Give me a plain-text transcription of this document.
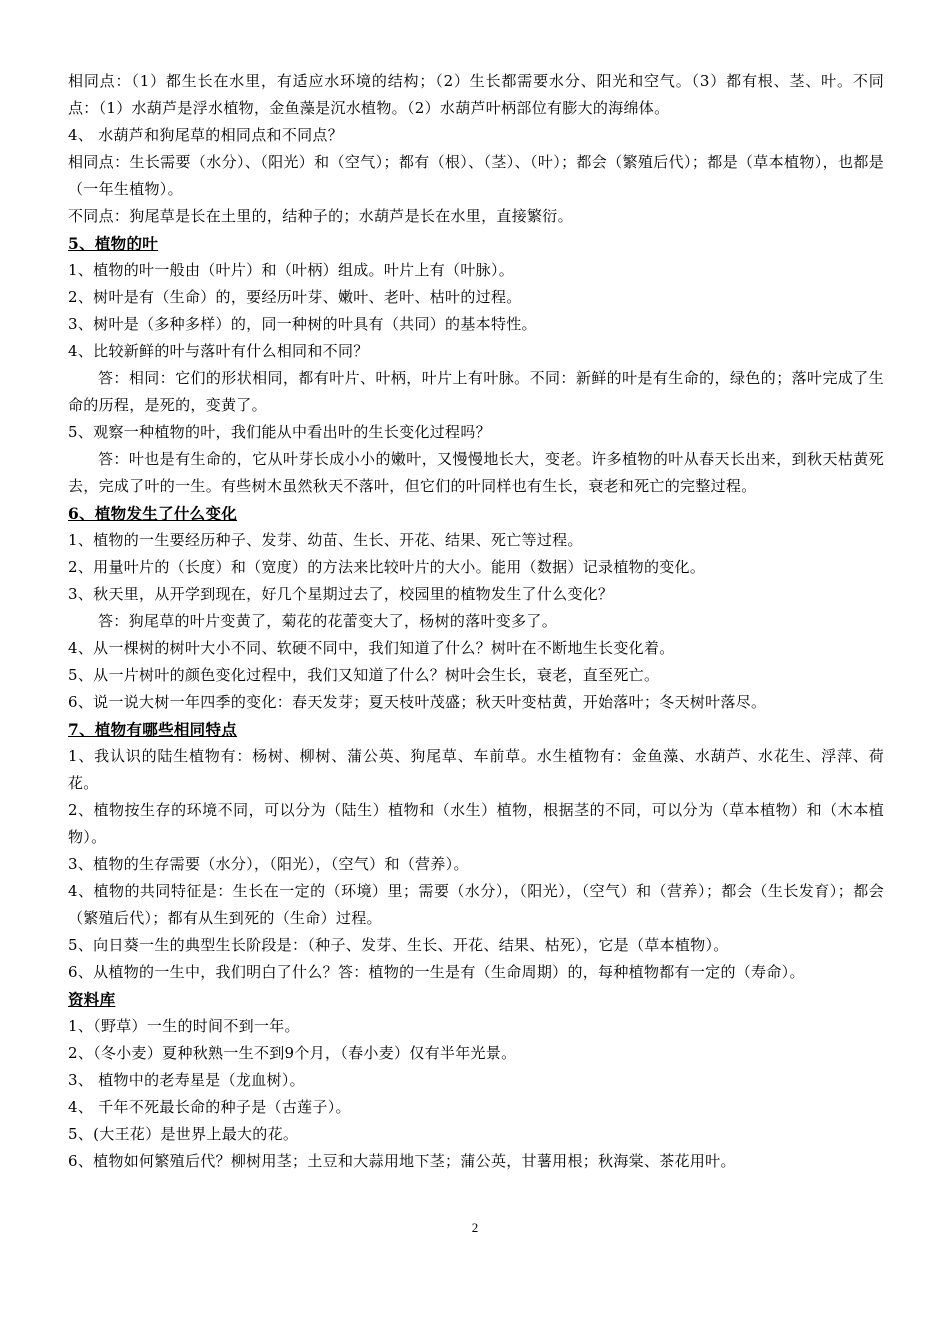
相同点：（1）都生长在水里，有适应水环境的结构；（2）生长都需要水分、阳光和空气。（3）都有根、茎、叶。不同点：（1）水葫芦是浮水植物，金鱼藻是沉水植物。（2）水葫芦叶柄部位有膨大的海绵体。

4、 水葫芦和狗尾草的相同点和不同点？

相同点：生长需要（水分）、（阳光）和（空气）；都有（根）、（茎）、（叶）；都会（繁殖后代）；都是（草本植物），也都是（一年生植物）。

不同点：狗尾草是长在土里的，结种子的；水葫芦是长在水里，直接繁衍。

5、植物的叶

1、植物的叶一般由（叶片）和（叶柄）组成。叶片上有（叶脉）。

2、树叶是有（生命）的，要经历叶芽、嫩叶、老叶、枯叶的过程。

3、树叶是（多种多样）的，同一种树的叶具有（共同）的基本特性。

4、比较新鲜的叶与落叶有什么相同和不同？

答：相同：它们的形状相同，都有叶片、叶柄，叶片上有叶脉。不同：新鲜的叶是有生命的，绿色的；落叶完成了生命的历程，是死的，变黄了。

5、观察一种植物的叶，我们能从中看出叶的生长变化过程吗？

答：叶也是有生命的，它从叶芽长成小小的嫩叶，又慢慢地长大，变老。许多植物的叶从春天长出来，到秋天枯黄死去，完成了叶的一生。有些树木虽然秋天不落叶，但它们的叶同样也有生长，衰老和死亡的完整过程。

6、植物发生了什么变化

1、植物的一生要经历种子、发芽、幼苗、生长、开花、结果、死亡等过程。

2、用量叶片的（长度）和（宽度）的方法来比较叶片的大小。能用（数据）记录植物的变化。

3、秋天里，从开学到现在，好几个星期过去了，校园里的植物发生了什么变化？

答：狗尾草的叶片变黄了，菊花的花蕾变大了，杨树的落叶变多了。

4、从一棵树的树叶大小不同、软硬不同中，我们知道了什么？树叶在不断地生长变化着。

5、从一片树叶的颜色变化过程中，我们又知道了什么？树叶会生长，衰老，直至死亡。

6、说一说大树一年四季的变化：春天发芽；夏天枝叶茂盛；秋天叶变枯黄，开始落叶；冬天树叶落尽。

7、植物有哪些相同特点

1、我认识的陆生植物有：杨树、柳树、蒲公英、狗尾草、车前草。水生植物有：金鱼藻、水葫芦、水花生、浮萍、荷花。

2、植物按生存的环境不同，可以分为（陆生）植物和（水生）植物，根据茎的不同，可以分为（草本植物）和（木本植物）。

3、植物的生存需要（水分），（阳光），（空气）和（营养）。

4、植物的共同特征是：生长在一定的（环境）里；需要（水分），（阳光），（空气）和（营养）；都会（生长发育）；都会（繁殖后代）；都有从生到死的（生命）过程。

5、向日葵一生的典型生长阶段是：（种子、发芽、生长、开花、结果、枯死），它是（草本植物）。

6、从植物的一生中，我们明白了什么？答：植物的一生是有（生命周期）的，每种植物都有一定的（寿命）。

资料库

1、（野草）一生的时间不到一年。

2、（冬小麦）夏种秋熟一生不到9个月，（春小麦）仅有半年光景。

3、 植物中的老寿星是（龙血树）。

4、 千年不死最长命的种子是（古莲子）。

5、(大王花）是世界上最大的花。

6、植物如何繁殖后代？柳树用茎；土豆和大蒜用地下茎；蒲公英，甘薯用根；秋海棠、茶花用叶。

2
